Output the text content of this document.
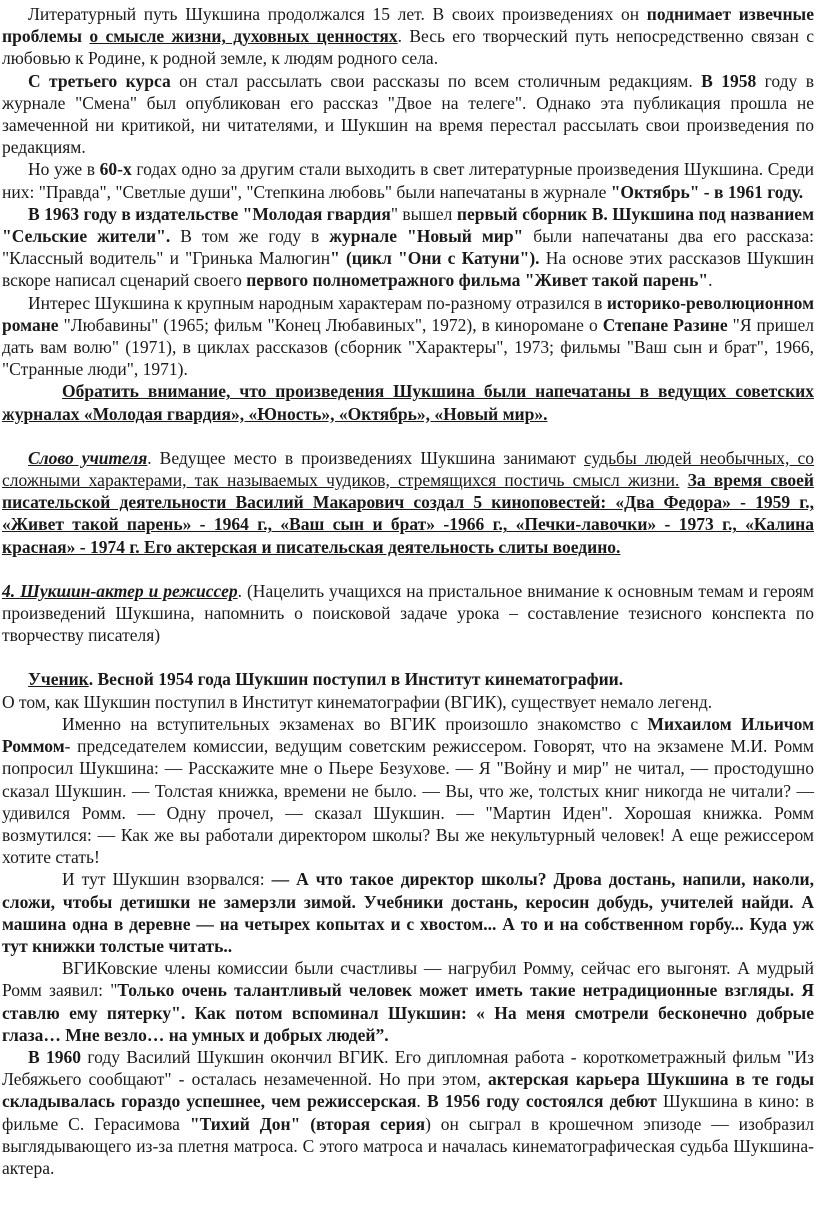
Литературный путь Шукшина продолжался 15 лет. В своих произведениях он поднимает извечные проблемы о смысле жизни, духовных ценностях. Весь его творческий путь непосредственно связан с любовью к Родине, к родной земле, к людям родного села.

С третьего курса он стал рассылать свои рассказы по всем столичным редакциям. В 1958 году в журнале "Смена" был опубликован его рассказ "Двое на телеге". Однако эта публикация прошла не замеченной ни критикой, ни читателями, и Шукшин на время перестал рассылать свои произведения по редакциям.

Но уже в 60-х годах одно за другим стали выходить в свет литературные произведения Шукшина. Среди них: "Правда", "Светлые души", "Степкина любовь" были напечатаны в журнале "Октябрь" - в 1961 году.

В 1963 году в издательстве "Молодая гвардия" вышел первый сборник В. Шукшина под названием "Сельские жители". В том же году в журнале "Новый мир" были напечатаны два его рассказа: "Классный водитель" и "Гринька Малюгин" (цикл "Они с Катуни"). На основе этих рассказов Шукшин вскоре написал сценарий своего первого полнометражного фильма "Живет такой парень".

Интерес Шукшина к крупным народным характерам по-разному отразился в историко-революционном романе "Любавины" (1965; фильм "Конец Любавиных", 1972), в киноромане о Степане Разине "Я пришел дать вам волю" (1971), в циклах рассказов (сборник "Характеры", 1973; фильмы "Ваш сын и брат", 1966, "Странные люди", 1971).

Обратить внимание, что произведения Шукшина были напечатаны в ведущих советских журналах «Молодая гвардия», «Юность», «Октябрь», «Новый мир».

Слово учителя. Ведущее место в произведениях Шукшина занимают судьбы людей необычных, со сложными характерами, так называемых чудиков, стремящихся постичь смысл жизни. За время своей писательской деятельности Василий Макарович создал 5 киноповестей: «Два Федора» - 1959 г., «Живет такой парень» - 1964 г., «Ваш сын и брат» -1966 г., «Печки-лавочки» - 1973 г., «Калина красная» - 1974 г. Его актерская и писательская деятельность слиты воедино.

4. Шукшин-актер и режиссер. (Нацелить учащихся на пристальное внимание к основным темам и героям произведений Шукшина, напомнить о поисковой задаче урока – составление тезисного конспекта по творчеству писателя)

Ученик. Весной 1954 года Шукшин поступил в Институт кинематографии.

О том, как Шукшин поступил в Институт кинематографии (ВГИК), существует немало легенд.

Именно на вступительных экзаменах во ВГИК произошло знакомство с Михаилом Ильичом Роммом- председателем комиссии, ведущим советским режиссером. Говорят, что на экзамене М.И. Ромм попросил Шукшина: — Расскажите мне о Пьере Безухове. — Я "Войну и мир" не читал, — простодушно сказал Шукшин. — Толстая книжка, времени не было. — Вы, что же, толстых книг никогда не читали? — удивился Ромм. — Одну прочел, — сказал Шукшин. — "Мартин Иден". Хорошая книжка. Ромм возмутился: — Как же вы работали директором школы? Вы же некультурный человек! А еще режиссером хотите стать!

И тут Шукшин взорвался: — А что такое директор школы? Дрова достань, напили, наколи, сложи, чтобы детишки не замерзли зимой. Учебники достань, керосин добудь, учителей найди. А машина одна в деревне — на четырех копытах и с хвостом... А то и на собственном горбу... Куда уж тут книжки толстые читать..

ВГИКовские члены комиссии были счастливы — нагрубил Ромму, сейчас его выгонят. А мудрый Ромм заявил: "Только очень талантливый человек может иметь такие нетрадиционные взгляды. Я ставлю ему пятерку". Как потом вспоминал Шукшин: « На меня смотрели бесконечно добрые глаза… Мне везло… на умных и добрых людей”.

В 1960 году Василий Шукшин окончил ВГИК. Его дипломная работа - короткометражный фильм "Из Лебяжьего сообщают" - осталась незамеченной. Но при этом, актерская карьера Шукшина в те годы складывалась гораздо успешнее, чем режиссерская. В 1956 году состоялся дебют Шукшина в кино: в фильме С. Герасимова "Тихий Дон" (вторая серия) он сыграл в крошечном эпизоде — изобразил выглядывающего из-за плетня матроса. С этого матроса и началась кинематографическая судьба Шукшина-актера.
